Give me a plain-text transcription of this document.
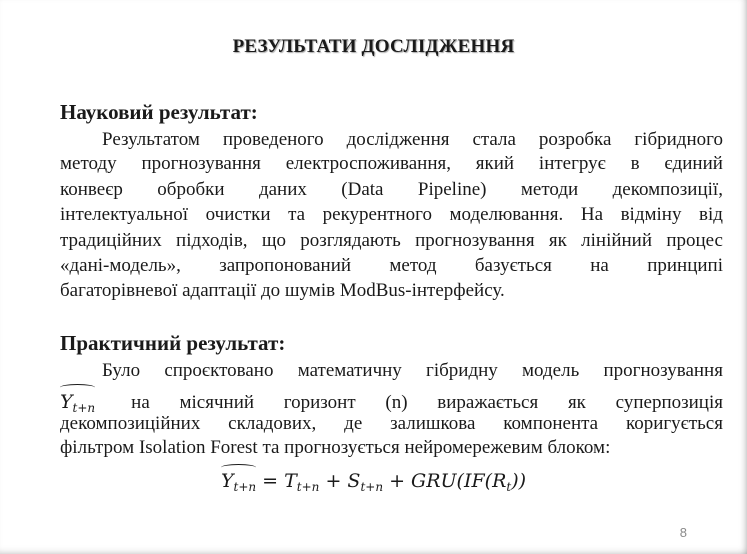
РЕЗУЛЬТАТИ ДОСЛІДЖЕННЯ
Науковий результат:
Результатом проведеного дослідження стала розробка гібридного
методу прогнозування електроспоживання, який інтегрує в єдиний
конвеєр обробки даних (Data Pipeline) методи декомпозиції,
інтелектуальної очистки та рекурентного моделювання. На відміну від
традиційних підходів, що розглядають прогнозування як лінійний процес
«дані-модель», запропонований метод базується на принципі
багаторівневої адаптації до шумів ModBus-інтерфейсу.
Практичний результат:
Було спроєктовано математичну гібридну модель прогнозування
$Y_{t+n}$ на місячний горизонт (n) виражається як суперпозиція
декомпозиційних складових, де залишкова компонента коригується
фільтром Isolation Forest та прогнозується нейромережевим блоком:
$Y_{t+n} = T_{t+n} + S_{t+n} + GRU(IF(R_t))$
8
